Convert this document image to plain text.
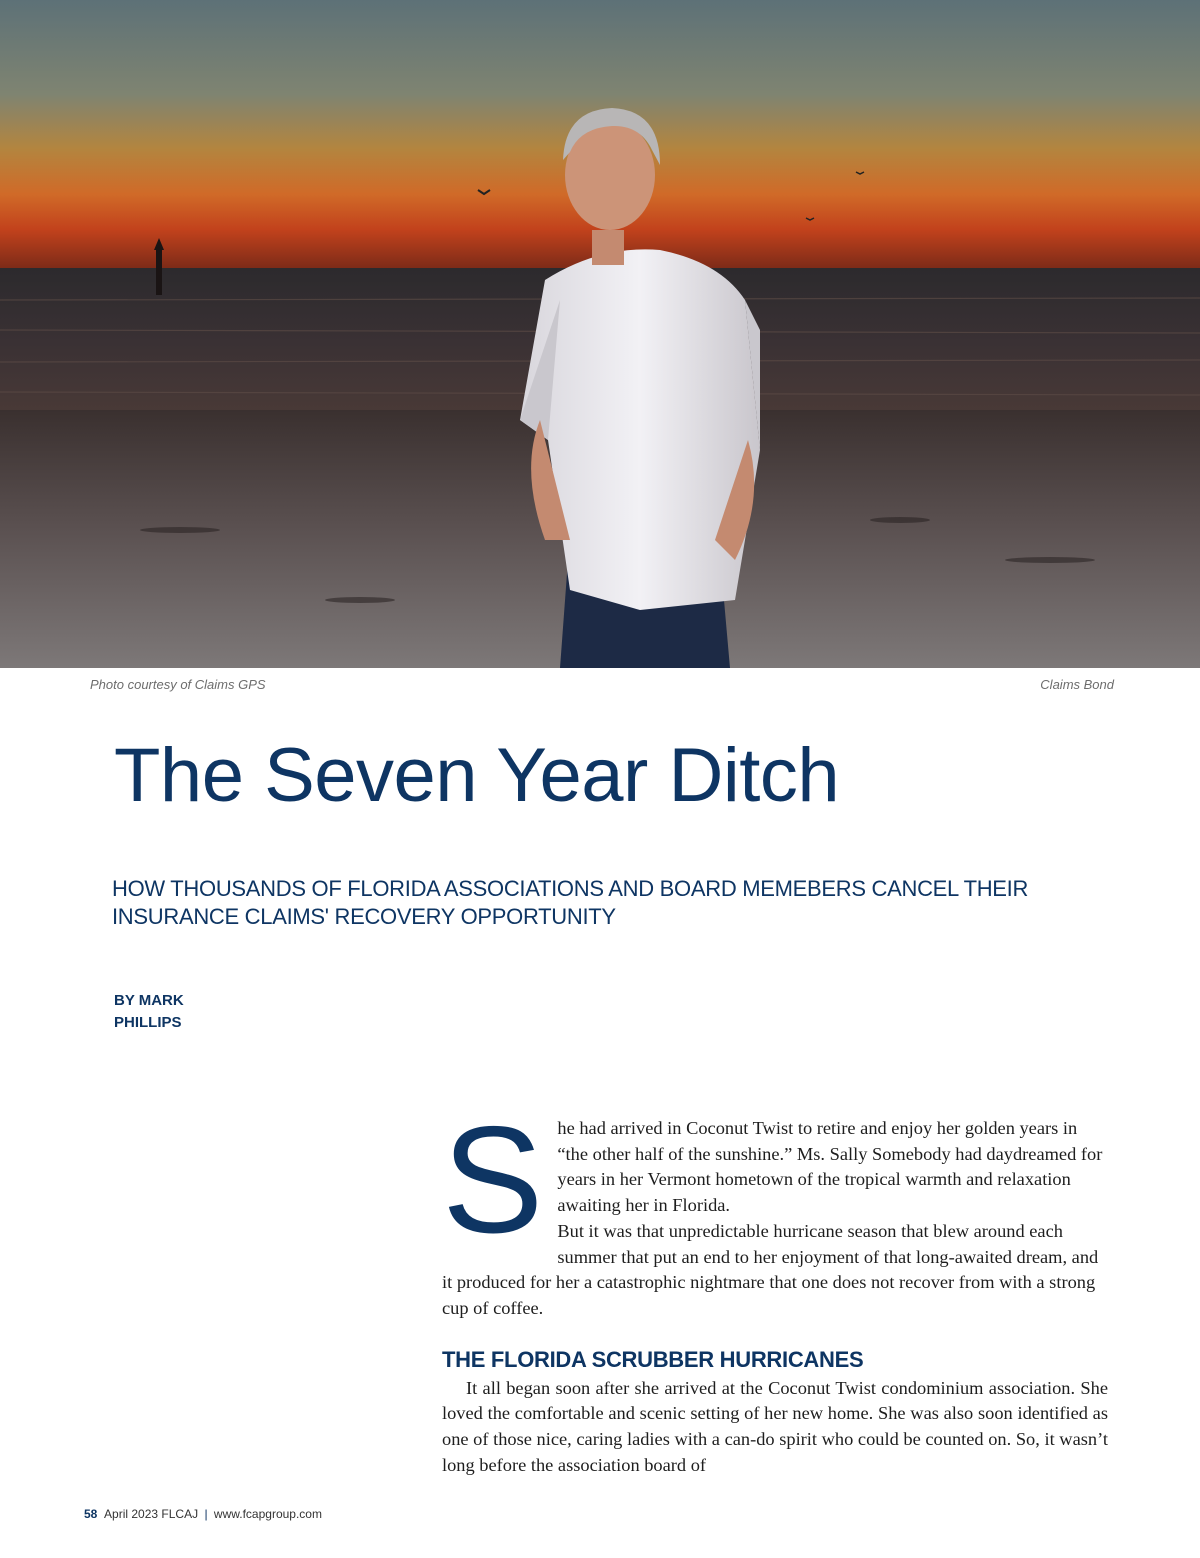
Photo courtesy of Claims GPS	Claims Bond
The Seven Year Ditch
HOW THOUSANDS OF FLORIDA ASSOCIATIONS AND BOARD MEMEBERS CANCEL THEIR INSURANCE CLAIMS' RECOVERY OPPORTUNITY
BY MARK
PHILLIPS
S he had arrived in Coconut Twist to retire and enjoy her golden years in “the other half of the sunshine.” Ms. Sally Somebody had daydreamed for years in her Vermont hometown of the tropical warmth and relaxation awaiting her in Florida.

But it was that unpredictable hurricane season that blew around each summer that put an end to her enjoyment of that long-awaited dream, and it produced for her a catastrophic nightmare that one does not recover from with a strong cup of coffee.

THE FLORIDA SCRUBBER HURRICANES

It all began soon after she arrived at the Coconut Twist condominium association. She loved the comfortable and scenic setting of her new home. She was also soon identified as one of those nice, caring ladies with a can-do spirit who could be counted on. So, it wasn’t long before the association board of

58 April 2023 FLCAJ | www.fcapgroup.com
